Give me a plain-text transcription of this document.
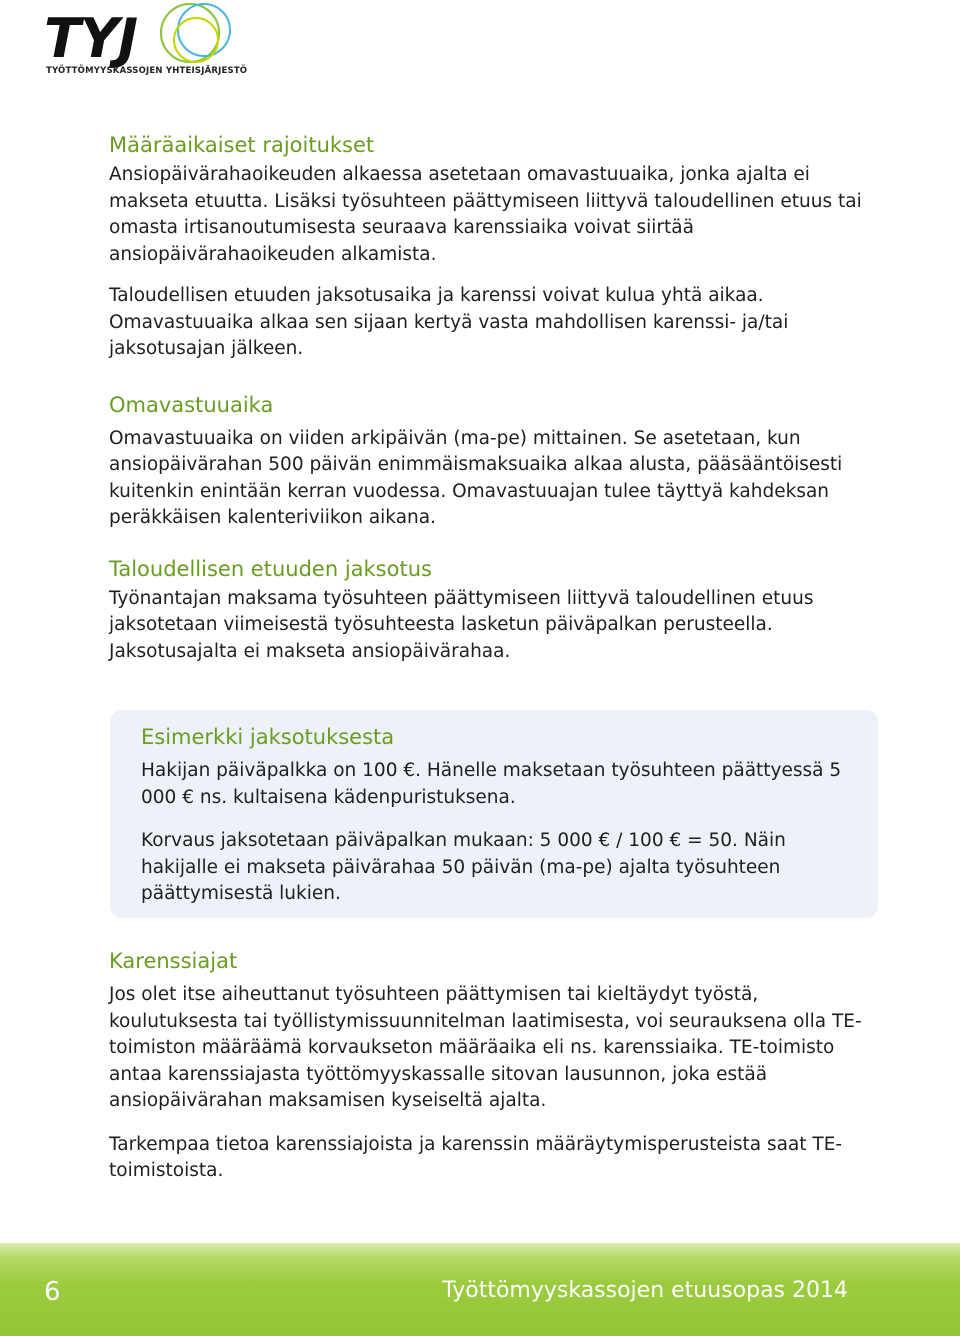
TYJ
TYÖTTÖMYYSKASSOJEN YHTEISJÄRJESTÖ
Määräaikaiset rajoitukset

Ansiopäivärahaoikeuden alkaessa asetetaan omavastuuaika, jonka ajalta ei makseta etuutta. Lisäksi työsuhteen päättymiseen liittyvä taloudellinen etuus tai omasta irtisanoutumisesta seuraava karenssiaika voivat siirtää ansiopäivärahaoikeuden alkamista.

Taloudellisen etuuden jaksotusaika ja karenssi voivat kulua yhtä aikaa. Omavastuuaika alkaa sen sijaan kertyä vasta mahdollisen karenssi- ja/tai jaksotusajan jälkeen.

Omavastuuaika

Omavastuuaika on viiden arkipäivän (ma-pe) mittainen. Se asetetaan, kun ansiopäivärahan 500 päivän enimmäismaksuaika alkaa alusta, pääsääntöisesti kuitenkin enintään kerran vuodessa. Omavastuuajan tulee täyttyä kahdeksan peräkkäisen kalenteriviikon aikana.

Taloudellisen etuuden jaksotus

Työnantajan maksama työsuhteen päättymiseen liittyvä taloudellinen etuus jaksotetaan viimeisestä työsuhteesta lasketun päiväpalkan perusteella. Jaksotusajalta ei makseta ansiopäivärahaa.

Esimerkki jaksotuksesta

Hakijan päiväpalkka on 100 €. Hänelle maksetaan työsuhteen päättyessä 5 000 € ns. kultaisena kädenpuristuksena.

Korvaus jaksotetaan päiväpalkan mukaan: 5 000 € / 100 € = 50. Näin hakijalle ei makseta päivärahaa 50 päivän (ma-pe) ajalta työsuhteen päättymisestä lukien.

Karenssiajat

Jos olet itse aiheuttanut työsuhteen päättymisen tai kieltäydyt työstä, koulutuksesta tai työllistymissuunnitelman laatimisesta, voi seurauksena olla TE-toimiston määräämä korvaukseton määräaika eli ns. karenssiaika. TE-toimisto antaa karenssiajasta työttömyyskassalle sitovan lausunnon, joka estää ansiopäivärahan maksamisen kyseiseltä ajalta.

Tarkempaa tietoa karenssiajoista ja karenssin määräytymisperusteista saat TE-toimistoista.

6	Työttömyyskassojen etuusopas 2014
